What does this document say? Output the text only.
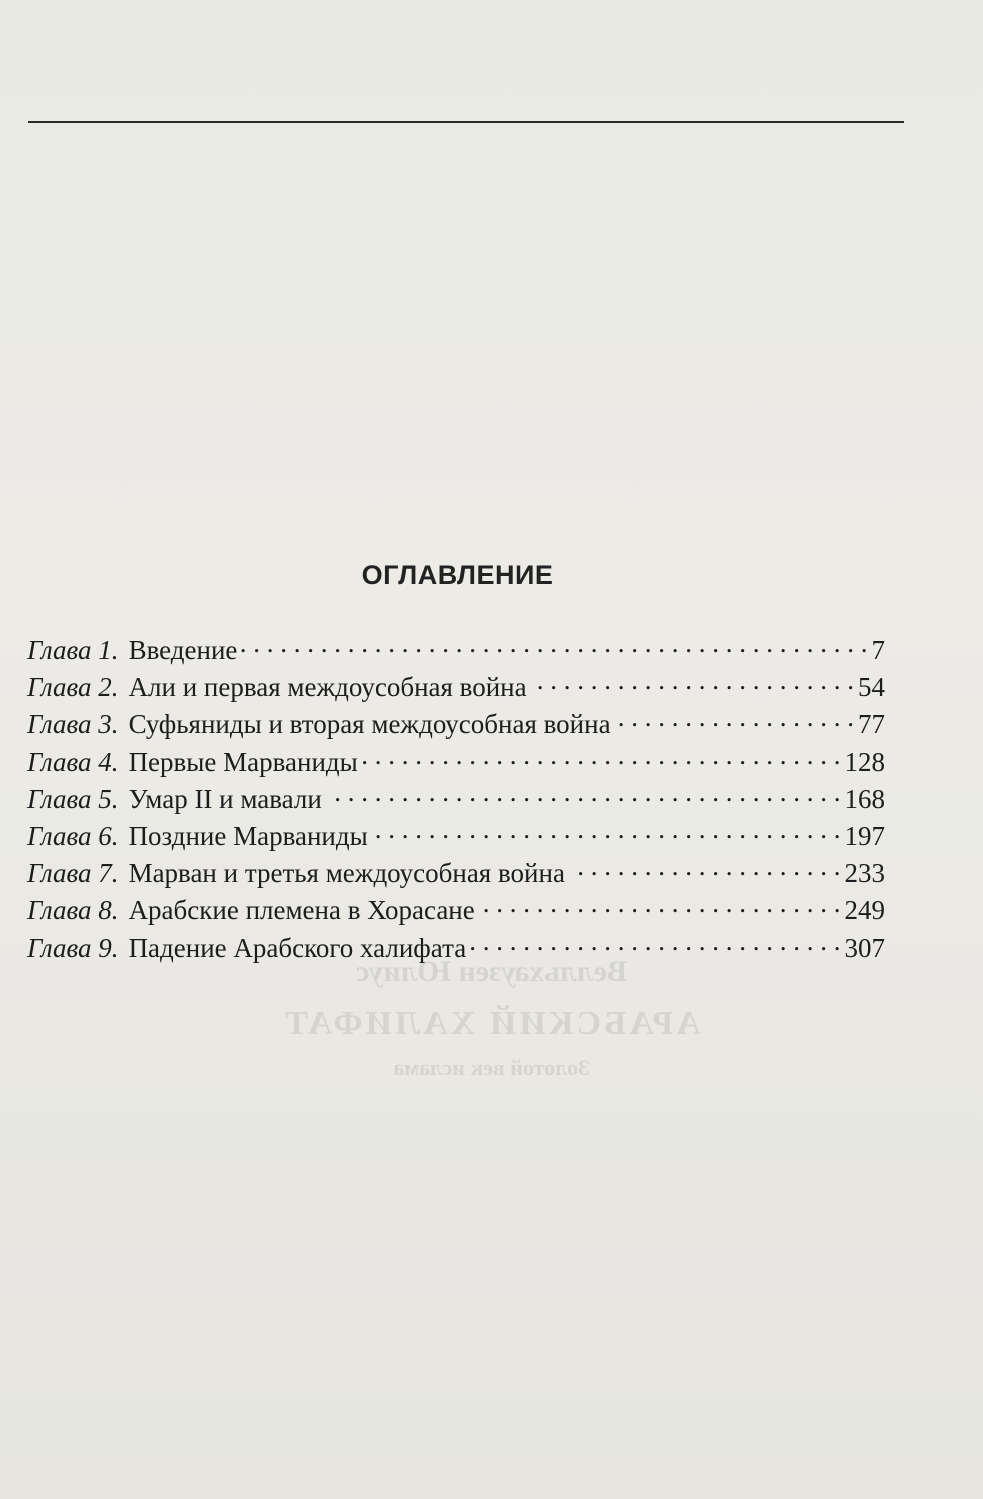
Велльхаузен Юлиус
АРАБСКИЙ ХАЛИФАТ
Золотой век ислама
ОГЛАВЛЕНИЕ
Глава 1. Введение . . .	7
Глава 2. Али и первая междоусобная война . . .	54
Глава 3. Суфьяниды и вторая междоусобная война . . .	77
Глава 4. Первые Марваниды . . .	128
Глава 5. Умар II и мавали . . .	168
Глава 6. Поздние Марваниды . . .	197
Глава 7. Марван и третья междоусобная война . . .	233
Глава 8. Арабские племена в Хорасане . . .	249
Глава 9. Падение Арабского халифата . . .	307
